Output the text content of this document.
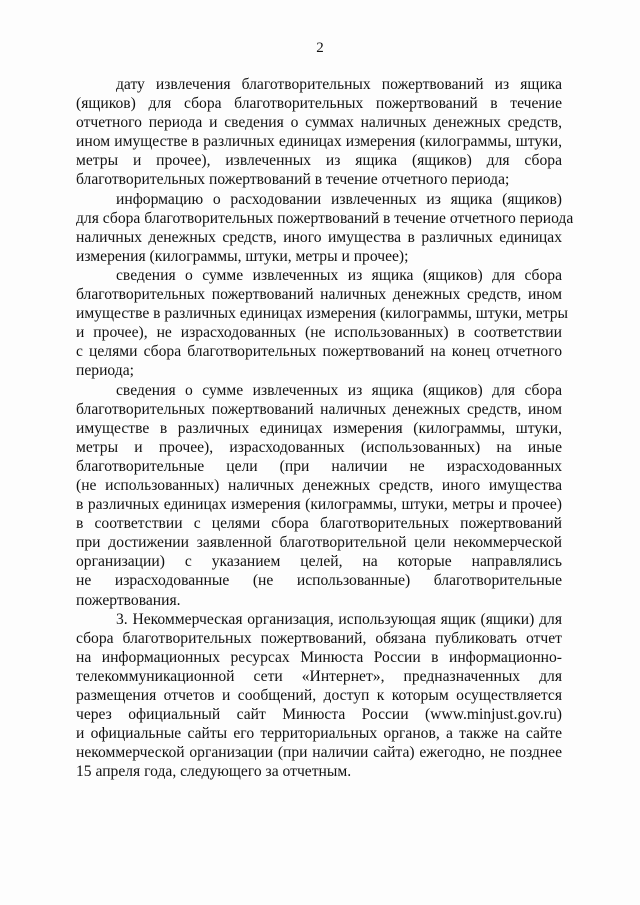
2
дату извлечения благотворительных пожертвований из ящика
(ящиков) для сбора благотворительных пожертвований в течение
отчетного периода и сведения о суммах наличных денежных средств,
ином имуществе в различных единицах измерения (килограммы, штуки,
метры и прочее), извлеченных из ящика (ящиков) для сбора
благотворительных пожертвований в течение отчетного периода;
информацию о расходовании извлеченных из ящика (ящиков)
для сбора благотворительных пожертвований в течение отчетного периода
наличных денежных средств, иного имущества в различных единицах
измерения (килограммы, штуки, метры и прочее);
сведения о сумме извлеченных из ящика (ящиков) для сбора
благотворительных пожертвований наличных денежных средств, ином
имуществе в различных единицах измерения (килограммы, штуки, метры
и прочее), не израсходованных (не использованных) в соответствии
с целями сбора благотворительных пожертвований на конец отчетного
периода;
сведения о сумме извлеченных из ящика (ящиков) для сбора
благотворительных пожертвований наличных денежных средств, ином
имуществе в различных единицах измерения (килограммы, штуки,
метры и прочее), израсходованных (использованных) на иные
благотворительные цели (при наличии не израсходованных
(не использованных) наличных денежных средств, иного имущества
в различных единицах измерения (килограммы, штуки, метры и прочее)
в соответствии с целями сбора благотворительных пожертвований
при достижении заявленной благотворительной цели некоммерческой
организации) с указанием целей, на которые направлялись
не израсходованные (не использованные) благотворительные
пожертвования.
3. Некоммерческая организация, использующая ящик (ящики) для
сбора благотворительных пожертвований, обязана публиковать отчет
на информационных ресурсах Минюста России в информационно-
телекоммуникационной сети «Интернет», предназначенных для
размещения отчетов и сообщений, доступ к которым осуществляется
через официальный сайт Минюста России (www.minjust.gov.ru)
и официальные сайты его территориальных органов, а также на сайте
некоммерческой организации (при наличии сайта) ежегодно, не позднее
15 апреля года, следующего за отчетным.
